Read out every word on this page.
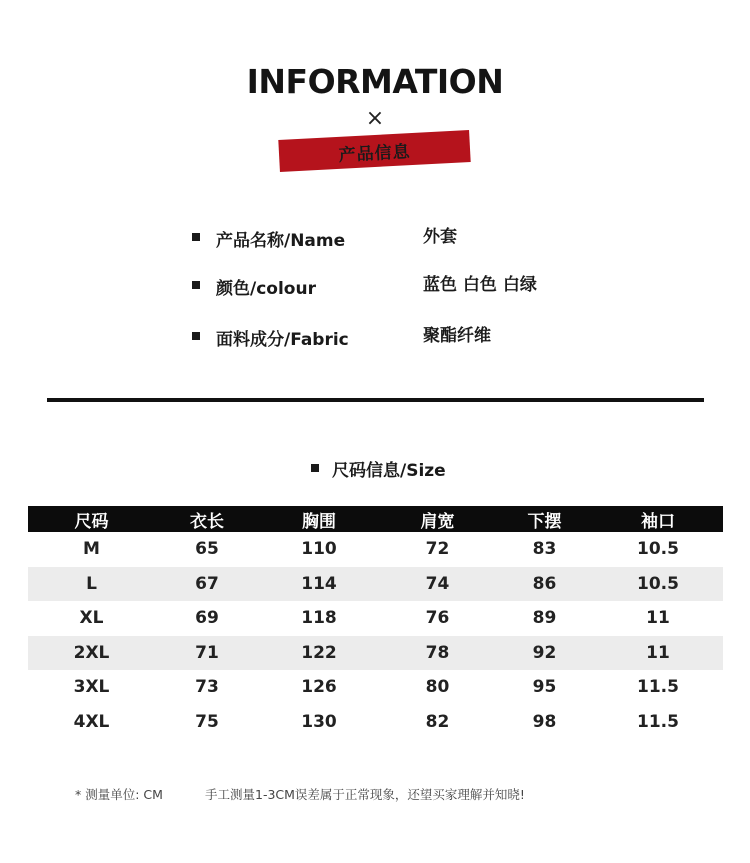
INFORMATION
×
产品信息
产品名称/Name	外套
颜色/colour	蓝色 白色 白绿
面料成分/Fabric	聚酯纤维
尺码信息/Size
尺码	衣长	胸围	肩宽	下摆	袖口
M	65	110	72	83	10.5
L	67	114	74	86	10.5
XL	69	118	76	89	11
2XL	71	122	78	92	11
3XL	73	126	80	95	11.5
4XL	75	130	82	98	11.5
* 测量单位: CM	手工测量1-3CM误差属于正常现象，还望买家理解并知晓!
